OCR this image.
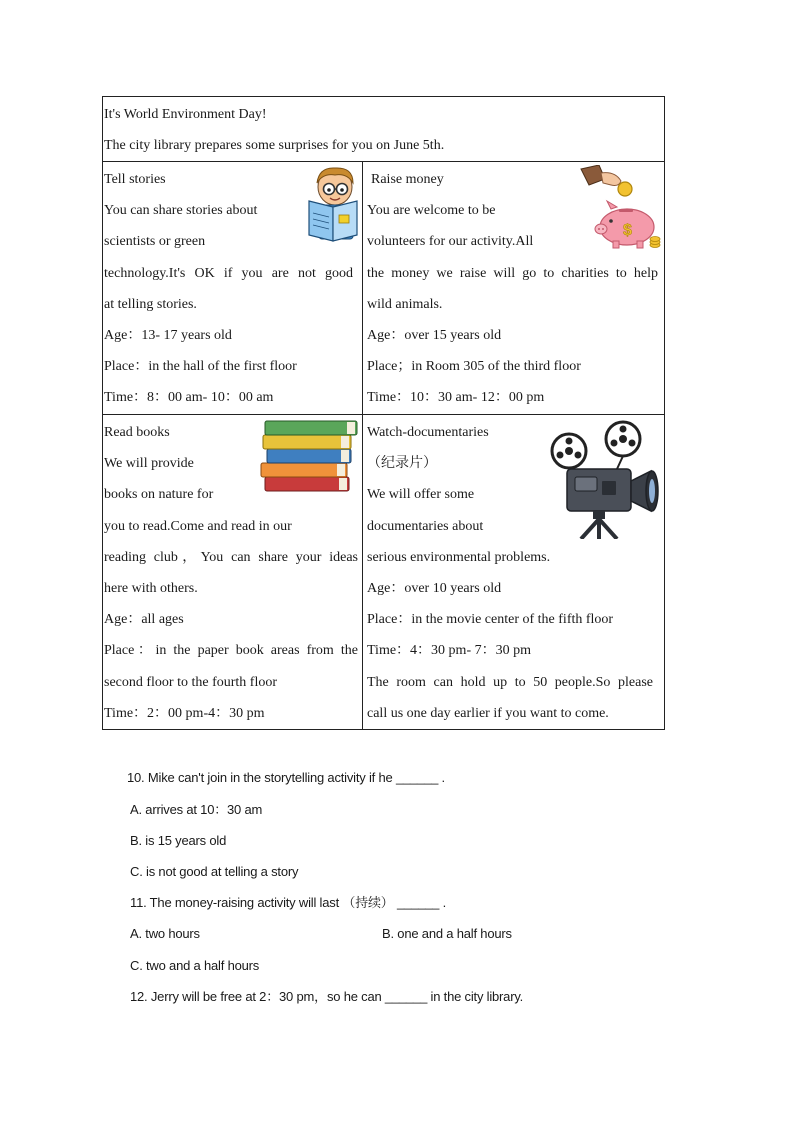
It's World Environment Day!
The city library prepares some surprises for you on June 5th.
Tell stories
You can share stories about
scientists or green
technology.It's OK if you are not good
at telling stories.
Age：13- 17 years old
Place：in the hall of the first floor
Time：8：00 am- 10：00 am
Raise money
You are welcome to be
volunteers for our activity.All
the money we raise will go to charities to help
wild animals.
Age：over 15 years old
Place；in Room 305 of the third floor
Time：10：30 am- 12：00 pm
$
Read books
We will provide
books on nature for
you to read.Come and read in our
reading club，You can share your ideas
here with others.
Age：all ages
Place：in the paper book areas from the
second floor to the fourth floor
Time：2：00 pm-4：30 pm
Watch-documentaries
（纪录片）
We will offer some
documentaries about
serious environmental problems.
Age：over 10 years old
Place：in the movie center of the fifth floor
Time：4：30 pm- 7：30 pm
The room can hold up to 50 people.So please
call us one day earlier if you want to come.
10. Mike can't join in the storytelling activity if he ______ .
A. arrives at 10：30 am
B. is 15 years old
C. is not good at telling a story
11. The money-raising activity will last （持续） ______ .
A. two hours	B. one and a half hours
C. two and a half hours
12. Jerry will be free at 2：30 pm，so he can ______ in the city library.
